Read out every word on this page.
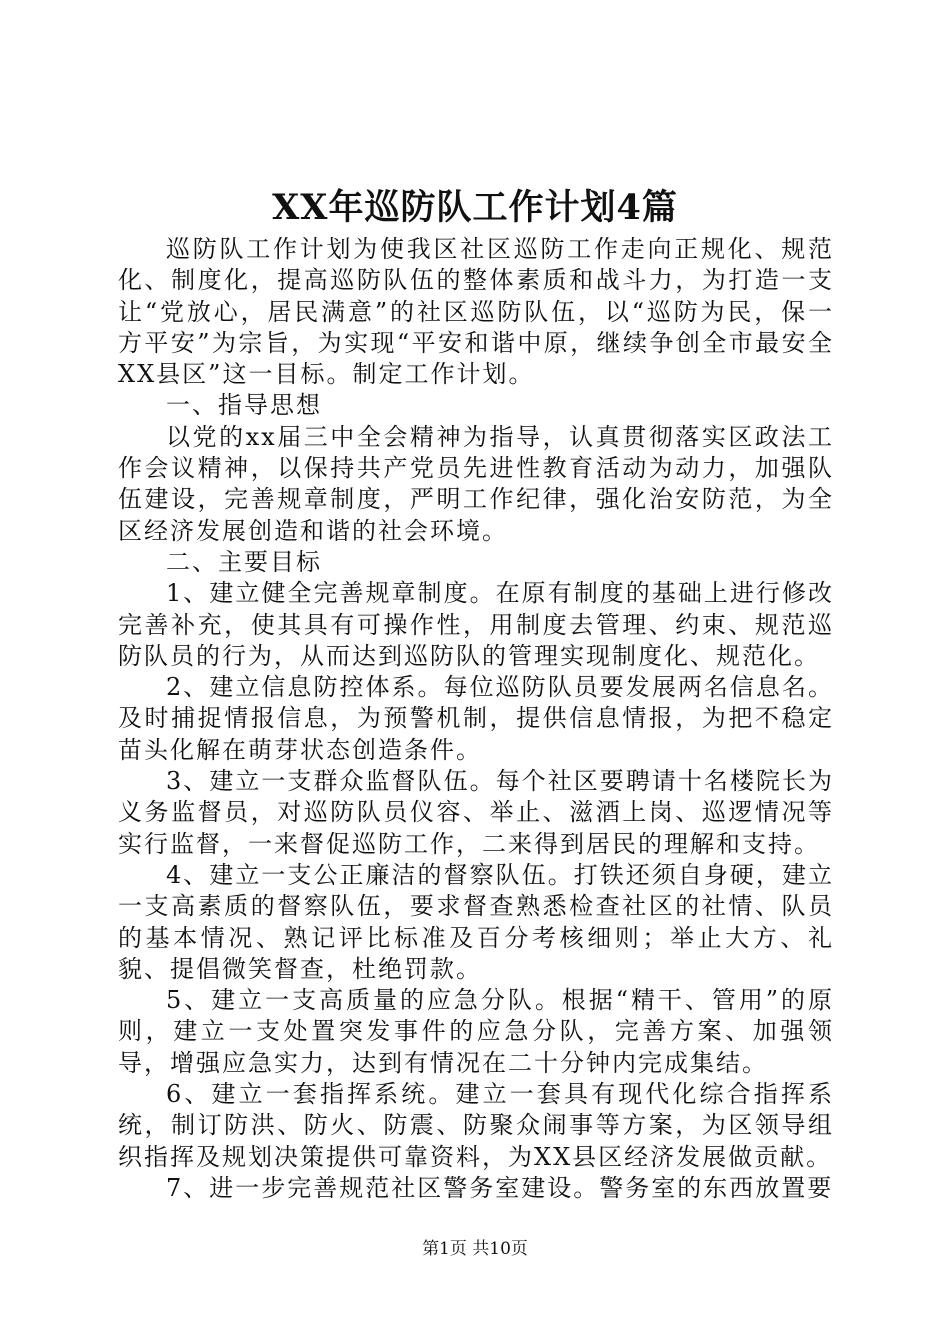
XX年巡防队工作计划4篇

巡防队工作计划为使我区社区巡防工作走向正规化、规范化、制度化，提高巡防队伍的整体素质和战斗力，为打造一支让“党放心，居民满意”的社区巡防队伍，以“巡防为民，保一方平安”为宗旨，为实现“平安和谐中原，继续争创全市最安全XX县区”这一目标。制定工作计划。

一、指导思想

以党的xx届三中全会精神为指导，认真贯彻落实区政法工作会议精神，以保持共产党员先进性教育活动为动力，加强队伍建设，完善规章制度，严明工作纪律，强化治安防范，为全区经济发展创造和谐的社会环境。

二、主要目标

1、建立健全完善规章制度。在原有制度的基础上进行修改完善补充，使其具有可操作性，用制度去管理、约束、规范巡防队员的行为，从而达到巡防队的管理实现制度化、规范化。

2、建立信息防控体系。每位巡防队员要发展两名信息名。及时捕捉情报信息，为预警机制，提供信息情报，为把不稳定苗头化解在萌芽状态创造条件。

3、建立一支群众监督队伍。每个社区要聘请十名楼院长为义务监督员，对巡防队员仪容、举止、滋酒上岗、巡逻情况等实行监督，一来督促巡防工作，二来得到居民的理解和支持。

4、建立一支公正廉洁的督察队伍。打铁还须自身硬，建立一支高素质的督察队伍，要求督查熟悉检查社区的社情、队员的基本情况、熟记评比标准及百分考核细则；举止大方、礼貌、提倡微笑督查，杜绝罚款。

5、建立一支高质量的应急分队。根据“精干、管用”的原则，建立一支处置突发事件的应急分队，完善方案、加强领导，增强应急实力，达到有情况在二十分钟内完成集结。

6、建立一套指挥系统。建立一套具有现代化综合指挥系统，制订防洪、防火、防震、防聚众闹事等方案，为区领导组织指挥及规划决策提供可靠资料，为XX县区经济发展做贡献。

7、进一步完善规范社区警务室建设。警务室的东西放置要

第1页 共10页
